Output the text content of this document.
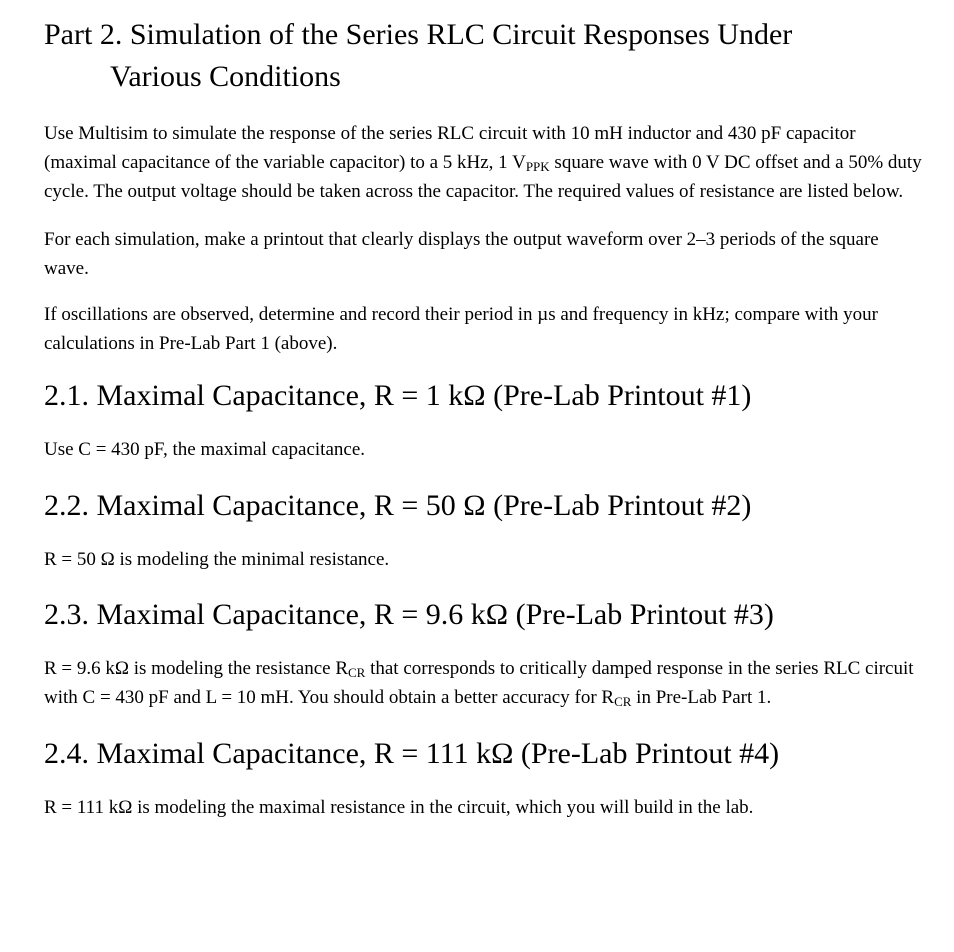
Part 2. Simulation of the Series RLC Circuit Responses Under
Various Conditions

Use Multisim to simulate the response of the series RLC circuit with 10 mH inductor and 430 pF capacitor (maximal capacitance of the variable capacitor) to a 5 kHz, 1 $V_{PPK}$ square wave with 0 V DC offset and a 50% duty cycle. The output voltage should be taken across the capacitor. The required values of resistance are listed below.

For each simulation, make a printout that clearly displays the output waveform over 2–3 periods of the square wave.

If oscillations are observed, determine and record their period in µs and frequency in kHz; compare with your calculations in Pre-Lab Part 1 (above).

2.1. Maximal Capacitance, R = 1 kΩ (Pre-Lab Printout #1)

Use C = 430 pF, the maximal capacitance.

2.2. Maximal Capacitance, R = 50 Ω (Pre-Lab Printout #2)

R = 50 Ω is modeling the minimal resistance.

2.3. Maximal Capacitance, R = 9.6 kΩ (Pre-Lab Printout #3)

R = 9.6 kΩ is modeling the resistance $R_{CR}$ that corresponds to critically damped response in the series RLC circuit with C = 430 pF and L = 10 mH. You should obtain a better accuracy for $R_{CR}$ in Pre-Lab Part 1.

2.4. Maximal Capacitance, R = 111 kΩ (Pre-Lab Printout #4)

R = 111 kΩ is modeling the maximal resistance in the circuit, which you will build in the lab.
